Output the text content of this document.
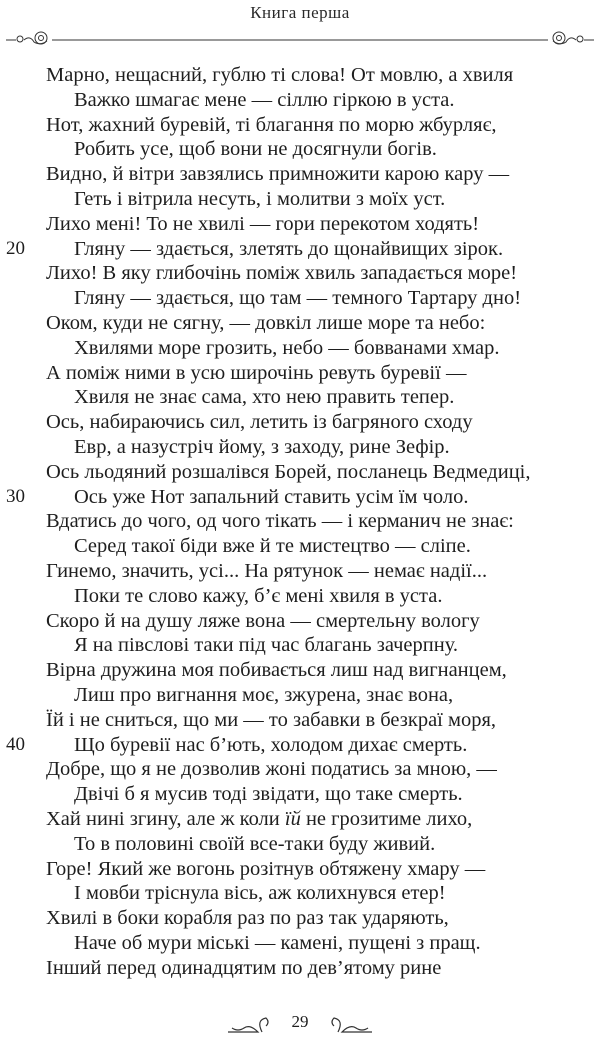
Книга перша
Марно, нещасний, гублю ті слова! От мовлю, а хвиля
Важко шмагає мене — сіллю гіркою в уста.
Нот, жахний буревій, ті благання по морю жбурляє,
Робить усе, щоб вони не досягнули богів.
Видно, й вітри завзялись примножити карою кару —
Геть і вітрила несуть, і молитви з моїх уст.
Лихо мені! То не хвилі — гори перекотом ходять!
20 Гляну — здається, злетять до щонайвищих зірок.
Лихо! В яку глибочінь поміж хвиль западається море!
Гляну — здається, що там — темного Тартару дно!
Оком, куди не сягну, — довкіл лише море та небо:
Хвилями море грозить, небо — бовванами хмар.
А поміж ними в усю широчінь ревуть буревії —
Хвиля не знає сама, хто нею править тепер.
Ось, набираючись сил, летить із багряного сходу
Евр, а назустріч йому, з заходу, рине Зефір.
Ось льодяний розшалівся Борей, посланець Ведмедиці,
30 Ось уже Нот запальний ставить усім їм чоло.
Вдатись до чого, од чого тікать — і керманич не знає:
Серед такої біди вже й те мистецтво — сліпе.
Гинемо, значить, усі... На рятунок — немає надії...
Поки те слово кажу, б’є мені хвиля в уста.
Скоро й на душу ляже вона — смертельну вологу
Я на півслові таки під час благань зачерпну.
Вірна дружина моя побивається лиш над вигнанцем,
Лиш про вигнання моє, зжурена, знає вона,
Їй і не сниться, що ми — то забавки в безкраї моря,
40 Що буревії нас б’ють, холодом дихає смерть.
Добре, що я не дозволив жоні податись за мною, —
Двічі б я мусив тоді звідати, що таке смерть.
Хай нині згину, але ж коли їй не грозитиме лихо,
То в половині своїй все-таки буду живий.
Горе! Який же вогонь розітнув обтяжену хмару —
І мовби тріснула вісь, аж колихнувся етер!
Хвилі в боки корабля раз по раз так ударяють,
Наче об мури міські — камені, пущені з пращ.
Інший перед одинадцятим по дев’ятому рине
29
